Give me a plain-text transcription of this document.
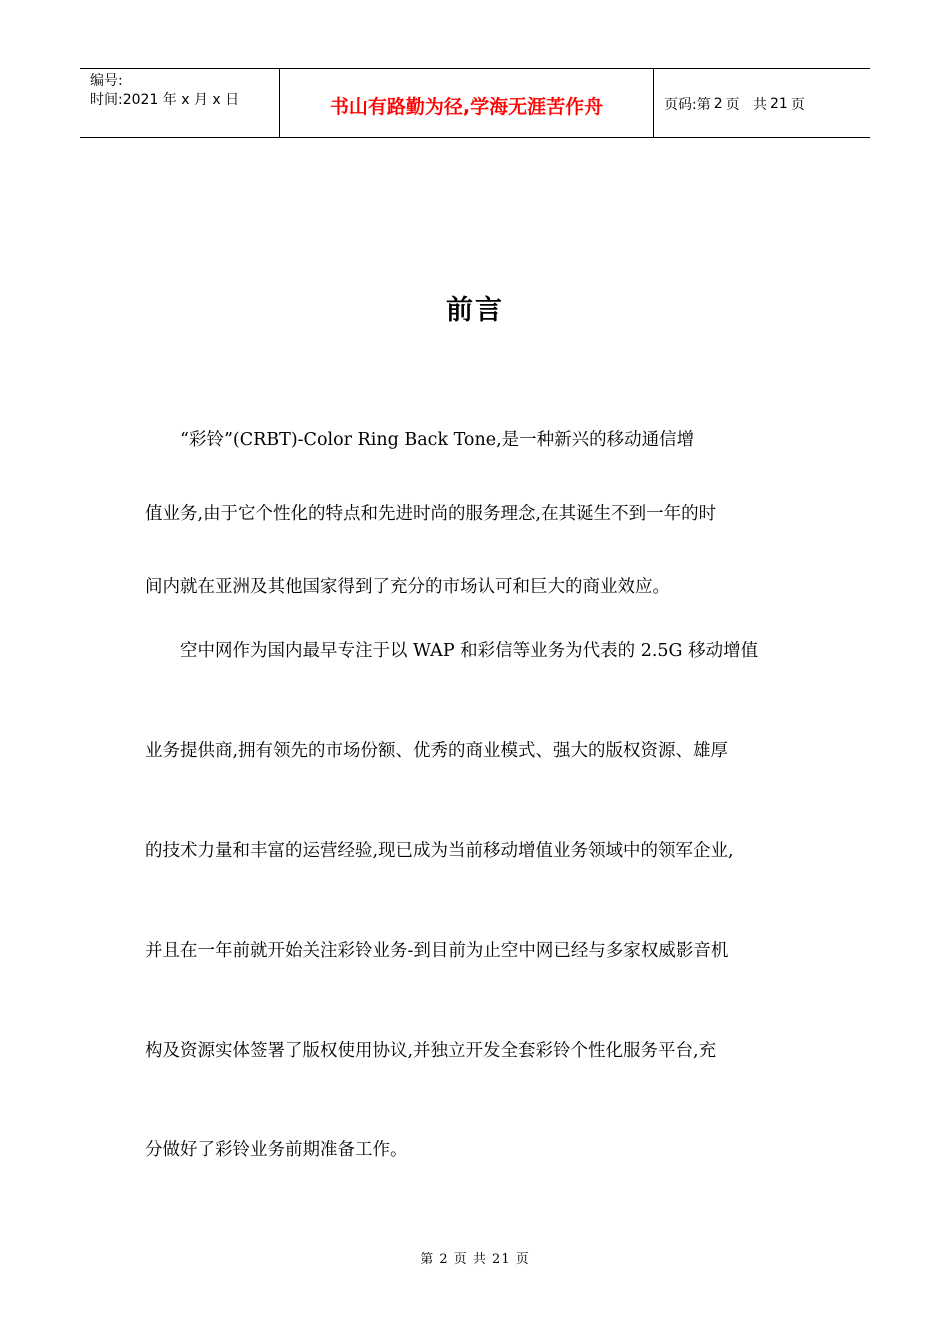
编号:
时间:2021 年 x 月 x 日	书山有路勤为径,学海无涯苦作舟	页码:第 2 页   共 21 页
前言
“彩铃”(CRBT)-Color Ring Back Tone,是一种新兴的移动通信增
值业务,由于它个性化的特点和先进时尚的服务理念,在其诞生不到一年的时
间内就在亚洲及其他国家得到了充分的市场认可和巨大的商业效应。
空中网作为国内最早专注于以 WAP 和彩信等业务为代表的 2.5G 移动增值
业务提供商,拥有领先的市场份额、优秀的商业模式、强大的版权资源、雄厚
的技术力量和丰富的运营经验,现已成为当前移动增值业务领域中的领军企业,
并且在一年前就开始关注彩铃业务-到目前为止空中网已经与多家权威影音机
构及资源实体签署了版权使用协议,并独立开发全套彩铃个性化服务平台,充
分做好了彩铃业务前期准备工作。
第 2 页 共 21 页
